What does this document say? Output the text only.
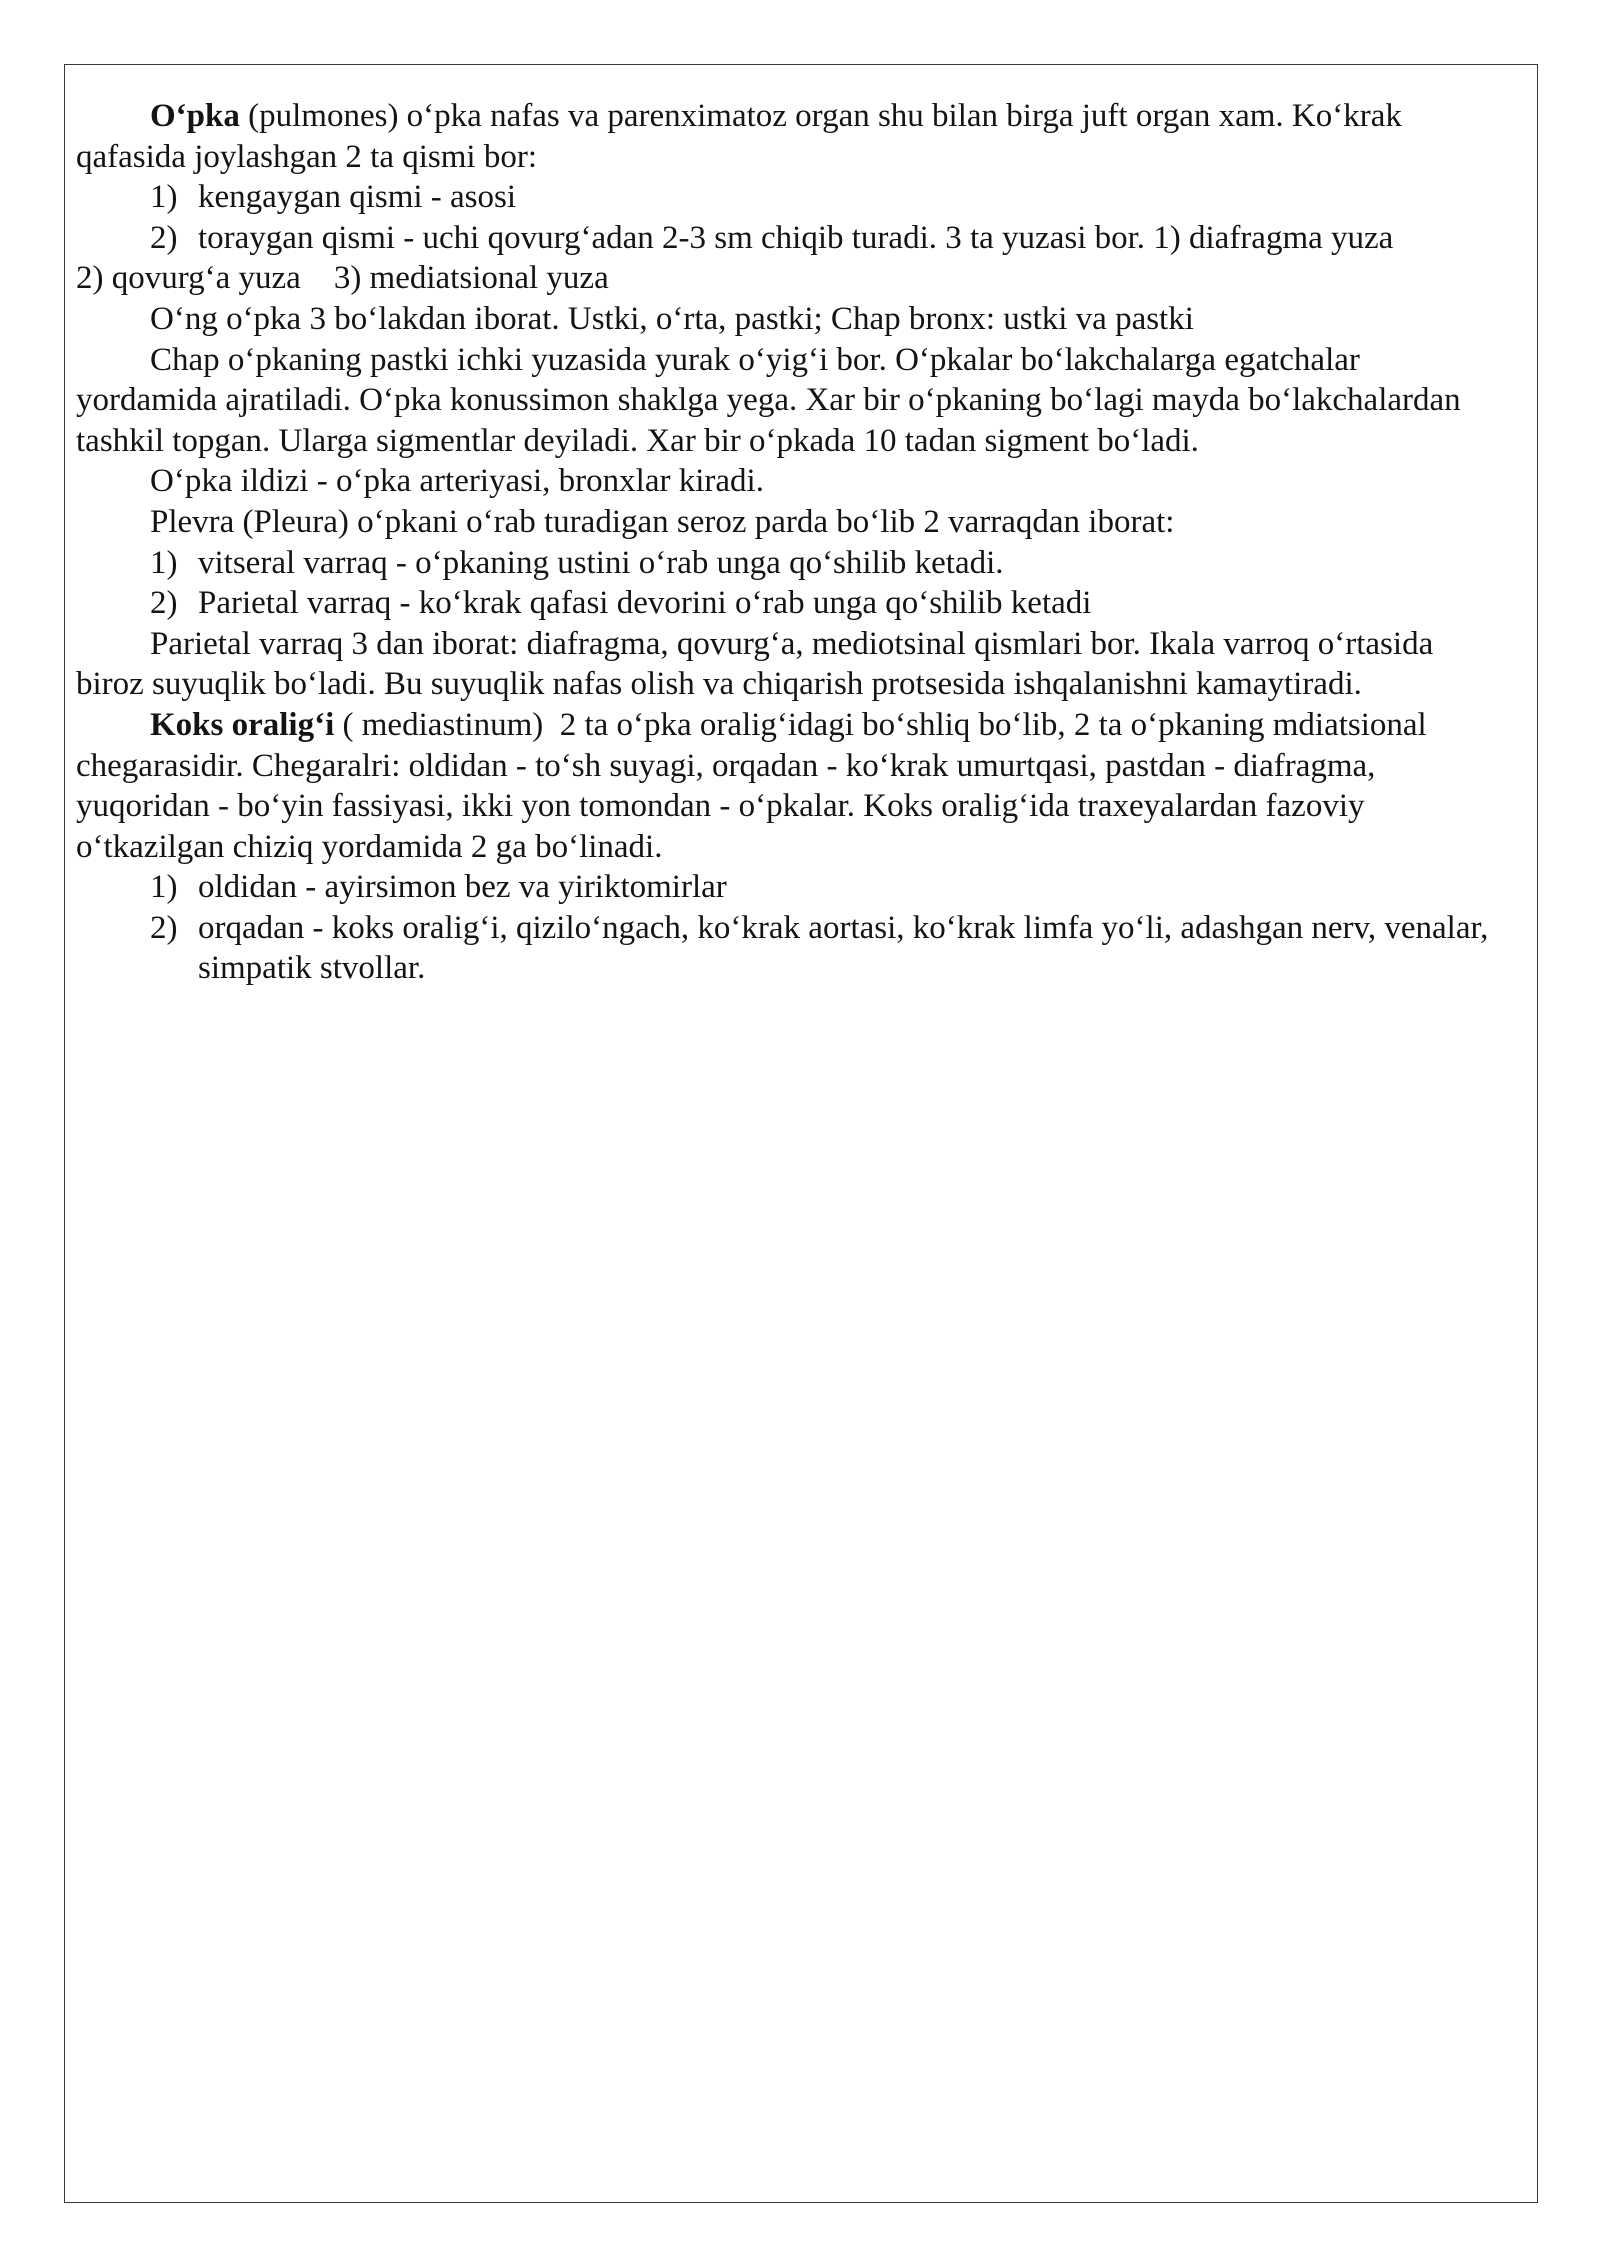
O‘pka (pulmones) o‘pka nafas va parenximatoz organ shu bilan birga juft organ xam. Ko‘krak qafasida joylashgan 2 ta qismi bor:

1) kengaygan qismi - asosi
2) toraygan qismi - uchi qovurg‘adan 2-3 sm chiqib turadi. 3 ta yuzasi bor. 1) diafragma yuza

2) qovurg‘a yuza    3) mediatsional yuza

O‘ng o‘pka 3 bo‘lakdan iborat. Ustki, o‘rta, pastki; Chap bronx: ustki va pastki

Chap o‘pkaning pastki ichki yuzasida yurak o‘yig‘i bor. O‘pkalar bo‘lakchalarga egatchalar yordamida ajratiladi. O‘pka konussimon shaklga yega. Xar bir o‘pkaning bo‘lagi mayda bo‘lakchalardan tashkil topgan. Ularga sigmentlar deyiladi. Xar bir o‘pkada 10 tadan sigment bo‘ladi.

O‘pka ildizi - o‘pka arteriyasi, bronxlar kiradi.

Plevra (Pleura) o‘pkani o‘rab turadigan seroz parda bo‘lib 2 varraqdan iborat:

1) vitseral varraq - o‘pkaning ustini o‘rab unga qo‘shilib ketadi.
2) Parietal varraq - ko‘krak qafasi devorini o‘rab unga qo‘shilib ketadi

Parietal varraq 3 dan iborat: diafragma, qovurg‘a, mediotsinal qismlari bor. Ikala varroq o‘rtasida biroz suyuqlik bo‘ladi. Bu suyuqlik nafas olish va chiqarish protsesida ishqalanishni kamaytiradi.

Koks oralig‘i ( mediastinum)  2 ta o‘pka oralig‘idagi bo‘shliq bo‘lib, 2 ta o‘pkaning mdiatsional chegarasidir. Chegaralri: oldidan - to‘sh suyagi, orqadan - ko‘krak umurtqasi, pastdan - diafragma, yuqoridan - bo‘yin fassiyasi, ikki yon tomondan - o‘pkalar. Koks oralig‘ida traxeyalardan fazoviy o‘tkazilgan chiziq yordamida 2 ga bo‘linadi.

1) oldidan - ayirsimon bez va yiriktomirlar
2) orqadan - koks oralig‘i, qizilo‘ngach, ko‘krak aortasi, ko‘krak limfa yo‘li, adashgan nerv, venalar, simpatik stvollar.
